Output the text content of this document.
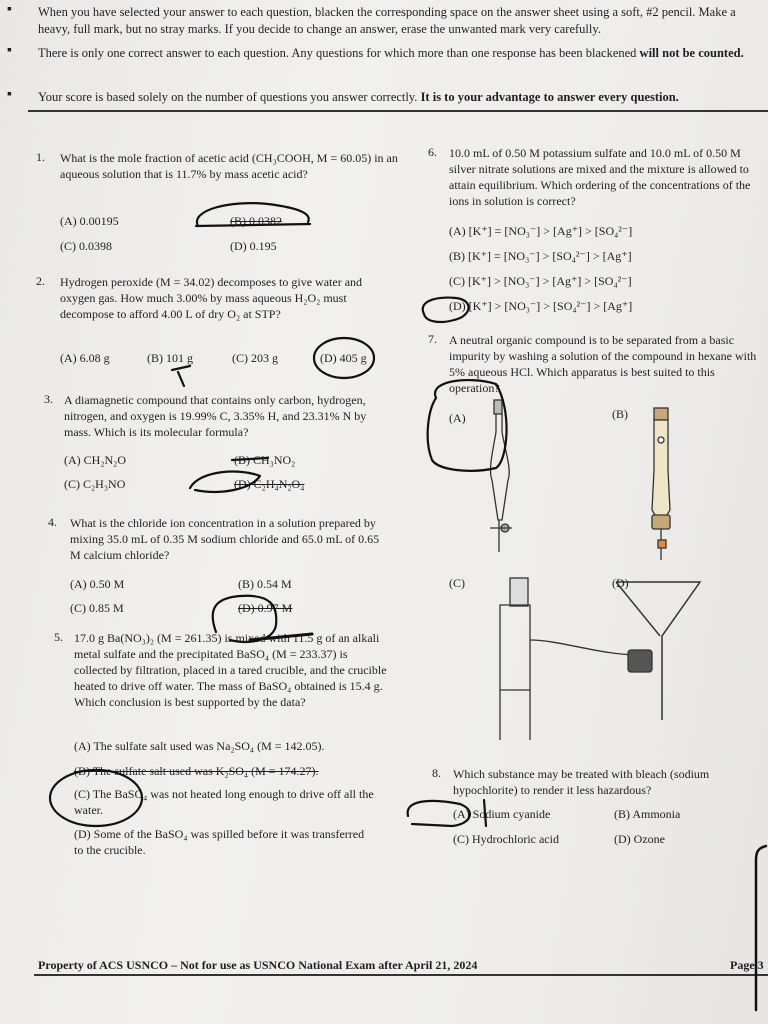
▪ When you have selected your answer to each question, blacken the corresponding space on the answer sheet using a soft, #2 pencil. Make a heavy, full mark, but no stray marks. If you decide to change an answer, erase the unwanted mark very carefully.
▪ There is only one correct answer to each question. Any questions for which more than one response has been blackened will not be counted.
▪ Your score is based solely on the number of questions you answer correctly. It is to your advantage to answer every question.
1. What is the mole fraction of acetic acid (CH₃COOH, M = 60.05) in an aqueous solution that is 11.7% by mass acetic acid?
(A) 0.00195	(B) 0.0382
(C) 0.0398	(D) 0.195
2. Hydrogen peroxide (M = 34.02) decomposes to give water and oxygen gas. How much 3.00% by mass aqueous H₂O₂ must decompose to afford 4.00 L of dry O₂ at STP?
(A) 6.08 g	(B) 101 g	(C) 203 g	(D) 405 g
3. A diamagnetic compound that contains only carbon, hydrogen, nitrogen, and oxygen is 19.99% C, 3.35% H, and 23.31% N by mass. Which is its molecular formula?
(A) CH₂N₂O	(B) CH₃NO₂
(C) C₂H₃NO	(D) C₂H₄N₂O₄
4. What is the chloride ion concentration in a solution prepared by mixing 35.0 mL of 0.35 M sodium chloride and 65.0 mL of 0.65 M calcium chloride?
(A) 0.50 M	(B) 0.54 M
(C) 0.85 M	(D) 0.97 M
5. 17.0 g Ba(NO₃)₂ (M = 261.35) is mixed with 11.5 g of an alkali metal sulfate and the precipitated BaSO₄ (M = 233.37) is collected by filtration, placed in a tared crucible, and the crucible heated to drive off water. The mass of BaSO₄ obtained is 15.4 g. Which conclusion is best supported by the data?
(A) The sulfate salt used was Na₂SO₄ (M = 142.05).
(B) The sulfate salt used was K₂SO₄ (M = 174.27).
(C) The BaSO₄ was not heated long enough to drive off all the water.
(D) Some of the BaSO₄ was spilled before it was transferred to the crucible.
6. 10.0 mL of 0.50 M potassium sulfate and 10.0 mL of 0.50 M silver nitrate solutions are mixed and the mixture is allowed to attain equilibrium. Which ordering of the concentrations of the ions in solution is correct?
(A) [K⁺] = [NO₃⁻] > [Ag⁺] > [SO₄²⁻]
(B) [K⁺] = [NO₃⁻] > [SO₄²⁻] > [Ag⁺]
(C) [K⁺] > [NO₃⁻] > [Ag⁺] > [SO₄²⁻]
(D) [K⁺] > [NO₃⁻] > [SO₄²⁻] > [Ag⁺]
7. A neutral organic compound is to be separated from a basic impurity by washing a solution of the compound in hexane with 5% aqueous HCl. Which apparatus is best suited to this operation?
(A)	(B)
(C)	(D)
8. Which substance may be treated with bleach (sodium hypochlorite) to render it less hazardous?
(A) Sodium cyanide	(B) Ammonia
(C) Hydrochloric acid	(D) Ozone
Property of ACS USNCO – Not for use as USNCO National Exam after April 21, 2024	Page 3
